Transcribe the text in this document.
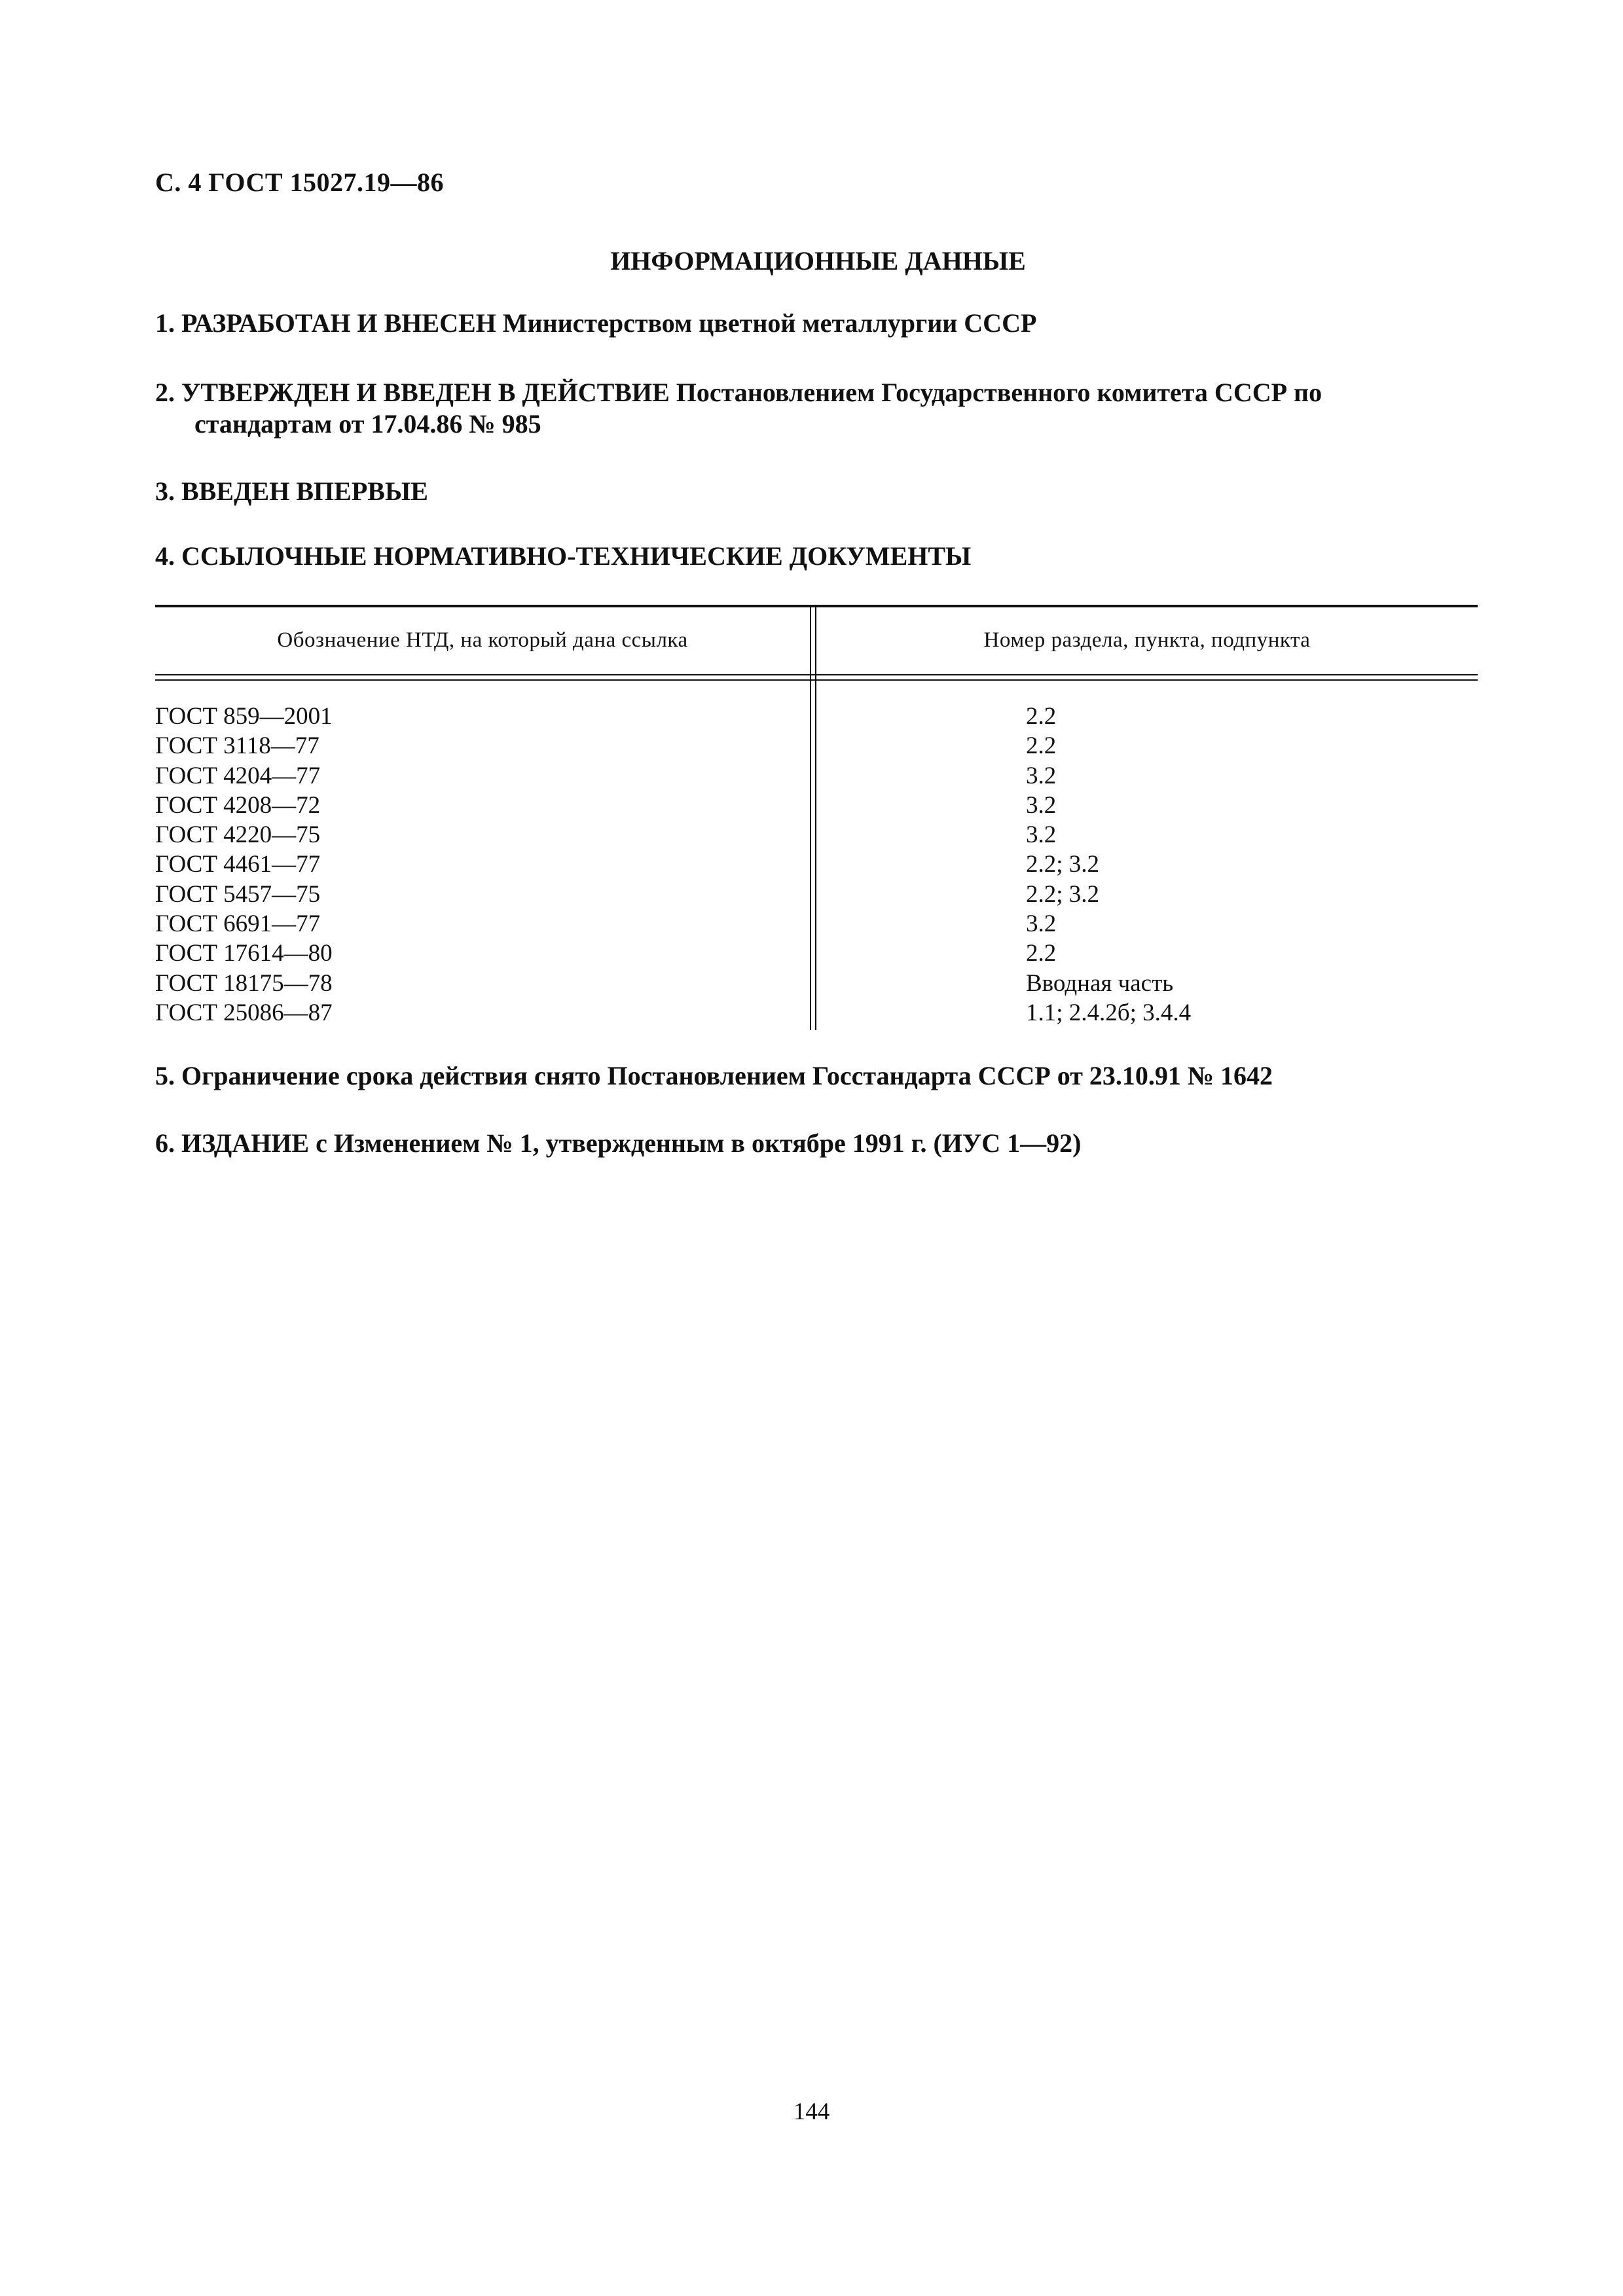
С. 4 ГОСТ 15027.19—86
ИНФОРМАЦИОННЫЕ ДАННЫЕ
1. РАЗРАБОТАН И ВНЕСЕН Министерством цветной металлургии СССР
2. УТВЕРЖДЕН И ВВЕДЕН В ДЕЙСТВИЕ Постановлением Государственного комитета СССР по
стандартам от 17.04.86 № 985
3. ВВЕДЕН ВПЕРВЫЕ
4. ССЫЛОЧНЫЕ НОРМАТИВНО-ТЕХНИЧЕСКИЕ ДОКУМЕНТЫ
Обозначение НТД, на который дана ссылка	Номер раздела, пункта, подпункта
ГОСТ 859—2001
ГОСТ 3118—77
ГОСТ 4204—77
ГОСТ 4208—72
ГОСТ 4220—75
ГОСТ 4461—77
ГОСТ 5457—75
ГОСТ 6691—77
ГОСТ 17614—80
ГОСТ 18175—78
ГОСТ 25086—87
2.2
2.2
3.2
3.2
3.2
2.2; 3.2
2.2; 3.2
3.2
2.2
Вводная часть
1.1; 2.4.2б; 3.4.4
5. Ограничение срока действия снято Постановлением Госстандарта СССР от 23.10.91 № 1642
6. ИЗДАНИЕ с Изменением № 1, утвержденным в октябре 1991 г. (ИУС 1—92)
144
